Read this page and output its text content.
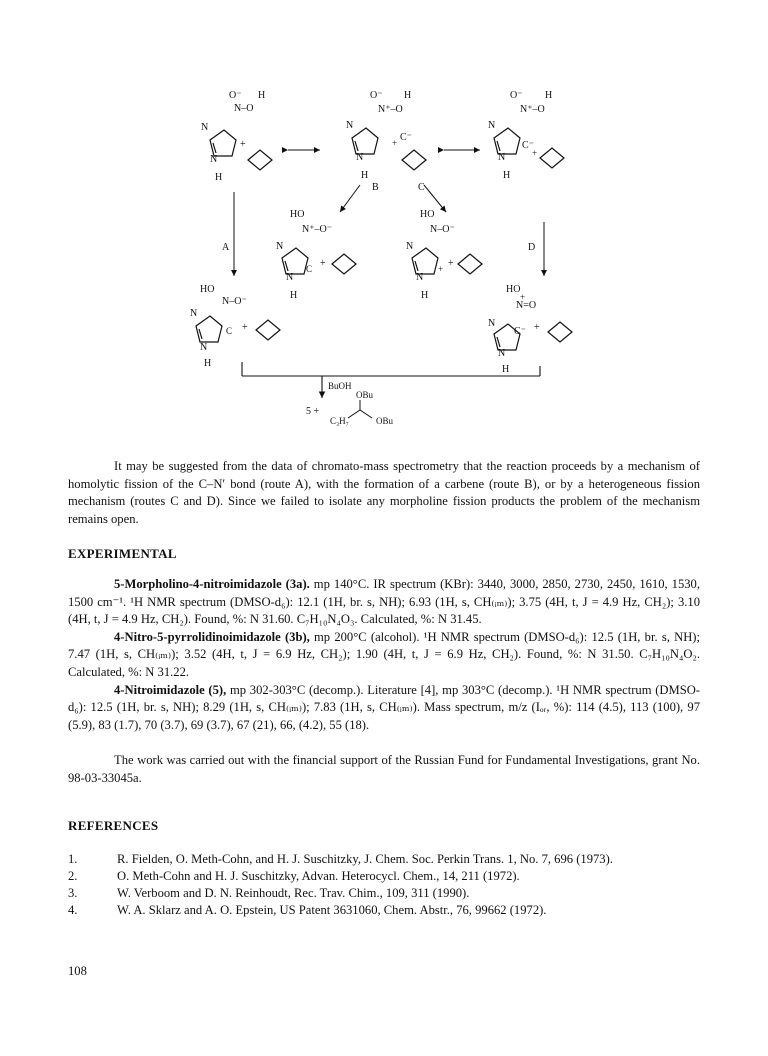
O⁻ H
N–O
N
N
H
+
O⁻ H
N⁺–O
N
N
H
+ C⁻
O⁻ H
N⁺–O
N
N
H
C⁻
+
B	C
A	D
HO
N⁺–O⁻
N
N
H
C +
HO
N–O⁻
N
N
H
+ +
HO
N–O⁻
N
N
H
C +
HO
+
N=O
N
N
H
C⁻ +
BuOH
OBu
5 +
C₃H₇	OBu

It may be suggested from the data of chromato-mass spectrometry that the reaction proceeds by a mechanism of homolytic fission of the C–N′ bond (route A), with the formation of a carbene (route B), or by a heterogeneous fission mechanism (routes C and D). Since we failed to isolate any morpholine fission products the problem of the mechanism remains open.

EXPERIMENTAL

5-Morpholino-4-nitroimidazole (3a). mp 140°C. IR spectrum (KBr): 3440, 3000, 2850, 2730, 2450, 1610, 1530, 1500 cm⁻¹. ¹H NMR spectrum (DMSO-d₆): 12.1 (1H, br. s, NH); 6.93 (1H, s, CH₍ᵢₘ₎); 3.75 (4H, t, J = 4.9 Hz, CH₂); 3.10 (4H, t, J = 4.9 Hz, CH₂). Found, %: N 31.60. C₇H₁₀N₄O₃. Calculated, %: N 31.45.

4-Nitro-5-pyrrolidinoimidazole (3b), mp 200°C (alcohol). ¹H NMR spectrum (DMSO-d₆): 12.5 (1H, br. s, NH); 7.47 (1H, s, CH₍ᵢₘ₎); 3.52 (4H, t, J = 6.9 Hz, CH₂); 1.90 (4H, t, J = 6.9 Hz, CH₂). Found, %: N 31.50. C₇H₁₀N₄O₂. Calculated, %: N 31.22.

4-Nitroimidazole (5), mp 302-303°C (decomp.). Literature [4], mp 303°C (decomp.). ¹H NMR spectrum (DMSO-d₆): 12.5 (1H, br. s, NH); 8.29 (1H, s, CH₍ᵢₘ₎); 7.83 (1H, s, CH₍ᵢₘ₎). Mass spectrum, m/z (Iₒᵣ, %): 114 (4.5), 113 (100), 97 (5.9), 83 (1.7), 70 (3.7), 69 (3.7), 67 (21), 66, (4.2), 55 (18).

The work was carried out with the financial support of the Russian Fund for Fundamental Investigations, grant No. 98-03-33045a.

REFERENCES
1.	R. Fielden, O. Meth-Cohn, and H. J. Suschitzky, J. Chem. Soc. Perkin Trans. 1, No. 7, 696 (1973).
2.	O. Meth-Cohn and H. J. Suschitzky, Advan. Heterocycl. Chem., 14, 211 (1972).
3.	W. Verboom and D. N. Reinhoudt, Rec. Trav. Chim., 109, 311 (1990).
4.	W. A. Sklarz and A. O. Epstein, US Patent 3631060, Chem. Abstr., 76, 99662 (1972).
108
